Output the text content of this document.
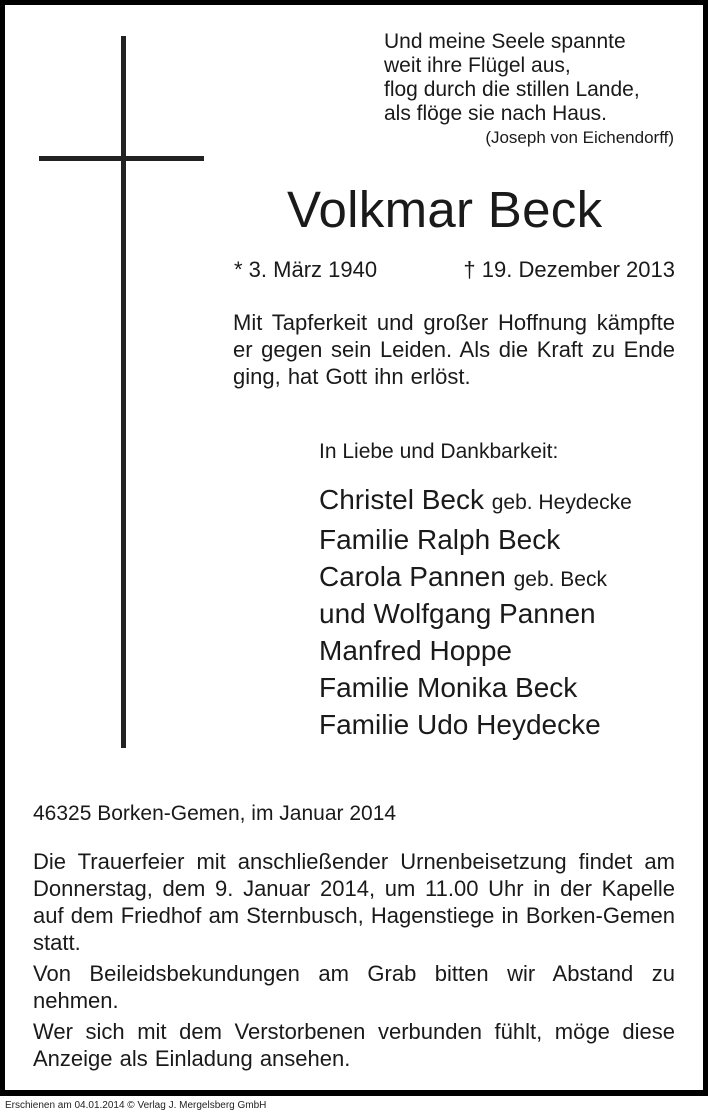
Und meine Seele spannte
weit ihre Flügel aus,
flog durch die stillen Lande,
als flöge sie nach Haus.
(Joseph von Eichendorff)
Volkmar Beck
* 3. März 1940	† 19. Dezember 2013
Mit Tapferkeit und großer Hoffnung kämpfte er gegen sein Leiden. Als die Kraft zu Ende ging, hat Gott ihn erlöst.
In Liebe und Dankbarkeit:
Christel Beck geb. Heydecke
Familie Ralph Beck
Carola Pannen geb. Beck
und Wolfgang Pannen
Manfred Hoppe
Familie Monika Beck
Familie Udo Heydecke
46325 Borken-Gemen, im Januar 2014

Die Trauerfeier mit anschließender Urnenbeisetzung findet am Donnerstag, dem 9. Januar 2014, um 11.00 Uhr in der Kapelle auf dem Friedhof am Sternbusch, Hagenstiege in Borken-Gemen statt.

Von Beileidsbekundungen am Grab bitten wir Abstand zu nehmen.

Wer sich mit dem Verstorbenen verbunden fühlt, möge diese Anzeige als Einladung ansehen.

Erschienen am 04.01.2014 © Verlag J. Mergelsberg GmbH
